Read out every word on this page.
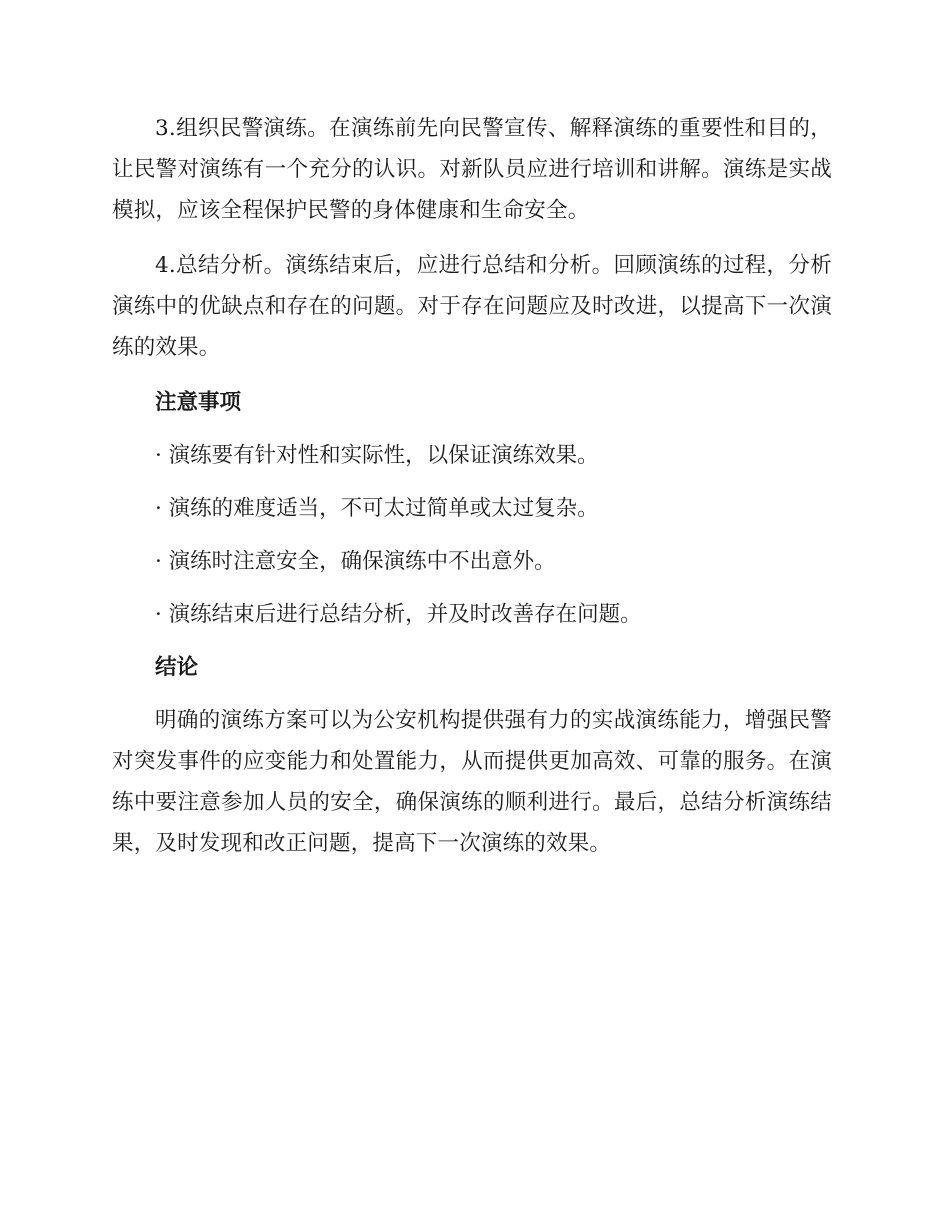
3.组织民警演练。在演练前先向民警宣传、解释演练的重要性和目的，让民警对演练有一个充分的认识。对新队员应进行培训和讲解。演练是实战模拟，应该全程保护民警的身体健康和生命安全。

4.总结分析。演练结束后，应进行总结和分析。回顾演练的过程，分析演练中的优缺点和存在的问题。对于存在问题应及时改进，以提高下一次演练的效果。

注意事项

· 演练要有针对性和实际性，以保证演练效果。

· 演练的难度适当，不可太过简单或太过复杂。

· 演练时注意安全，确保演练中不出意外。

· 演练结束后进行总结分析，并及时改善存在问题。

结论

明确的演练方案可以为公安机构提供强有力的实战演练能力，增强民警对突发事件的应变能力和处置能力，从而提供更加高效、可靠的服务。在演练中要注意参加人员的安全，确保演练的顺利进行。最后，总结分析演练结果，及时发现和改正问题，提高下一次演练的效果。
